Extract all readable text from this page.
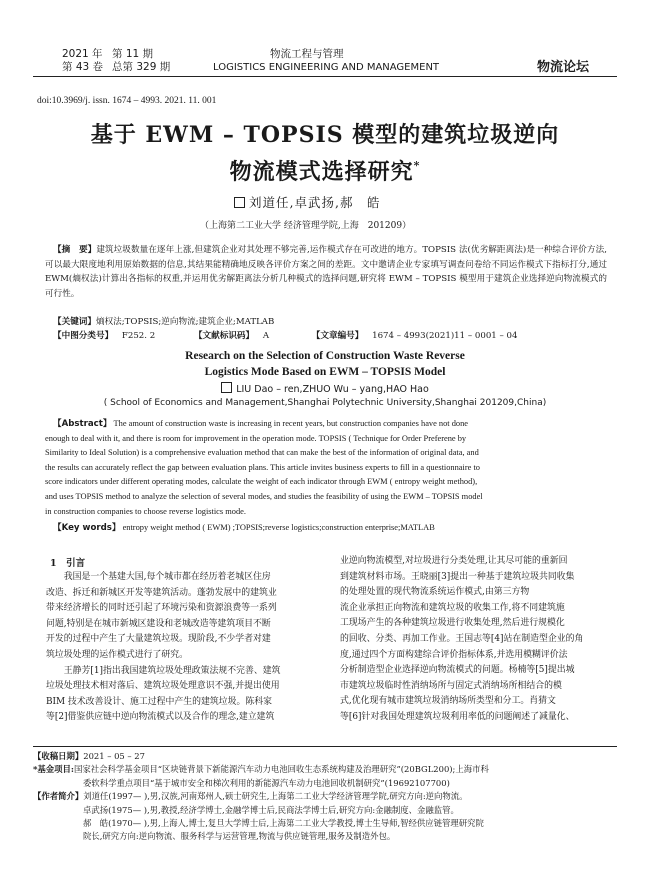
2021 年 第 11 期
第 43 卷 总第 329 期
物流工程与管理
LOGISTICS ENGINEERING AND MANAGEMENT	物流论坛
doi:10.3969/j. issn. 1674 – 4993. 2021. 11. 001
基于 EWM – TOPSIS 模型的建筑垃圾逆向
物流模式选择研究*
刘道任,卓武扬,郝　皓
（上海第二工业大学 经济管理学院,上海　201209）
【摘　要】建筑垃圾数量在逐年上涨,但建筑企业对其处理不够完善,运作模式存在可改进的地方。TOPSIS 法(优劣解距离法)是一种综合评价方法,可以最大限度地利用原始数据的信息,其结果能精确地反映各评价方案之间的差距。文中邀请企业专家填写调查问卷给不同运作模式下指标打分,通过 EWM(熵权法)计算出各指标的权重,并运用优劣解距离法分析几种模式的选择问题,研究将 EWM – TOPSIS 模型用于建筑企业选择逆向物流模式的可行性。
【关键词】熵权法;TOPSIS;逆向物流;建筑企业;MATLAB
【中图分类号】 F252. 2	【文献标识码】 A	【文章编号】 1674 – 4993(2021)11 – 0001 – 04
Research on the Selection of Construction Waste Reverse
Logistics Mode Based on EWM – TOPSIS Model
LIU Dao – ren,ZHUO Wu – yang,HAO Hao
( School of Economics and Management,Shanghai Polytechnic University,Shanghai 201209,China)

【Abstract】 The amount of construction waste is increasing in recent years, but construction companies have not done

enough to deal with it, and there is room for improvement in the operation mode. TOPSIS ( Technique for Order Preferene by

Similarity to Ideal Solution) is a comprehensive evaluation method that can make the best of the information of original data, and

the results can accurately reflect the gap between evaluation plans. This article invites business experts to fill in a questionnaire to

score indicators under different operating modes, calculate the weight of each indicator through EWM ( entropy weight method),

and uses TOPSIS method to analyze the selection of several modes, and studies the feasibility of using the EWM – TOPSIS model

in construction companies to choose reverse logistics mode.

【Key words】 entropy weight method ( EWM) ;TOPSIS;reverse logistics;construction enterprise;MATLAB
1　引言

　　我国是一个基建大国,每个城市都在经历着老城区住房

改造、拆迁和新城区开发等建筑活动。蓬勃发展中的建筑业

带来经济增长的同时还引起了环境污染和资源浪费等一系列

问题,特别是在城市新城区建设和老城改造等建筑项目不断

开发的过程中产生了大量建筑垃圾。现阶段,不少学者对建

筑垃圾处理的运作模式进行了研究。

　　王静芳[1]指出我国建筑垃圾处理政策法规不完善、建筑

垃圾处理技术相对落后、建筑垃圾处理意识不强,并提出使用

BIM 技术改善设计、施工过程中产生的建筑垃圾。陈科家

等[2]借鉴供应链中逆向物流模式以及合作的理念,建立建筑

业逆向物流模型,对垃圾进行分类处理,让其尽可能的重新回

到建筑材料市场。王晓丽[3]提出一种基于建筑垃圾共同收集

的处理处置的现代物流系统运作模式,由第三方物

流企业承担正向物流和建筑垃圾的收集工作,将不同建筑施

工现场产生的各种建筑垃圾进行收集处理,然后进行规模化

的回收、分类、再加工作业。王国志等[4]站在制造型企业的角

度,通过四个方面构建综合评价指标体系,并选用模糊评价法

分析制造型企业选择逆向物流模式的问题。杨楠等[5]提出城

市建筑垃圾临时性消纳场所与固定式消纳场所相结合的模

式,优化现有城市建筑垃圾消纳场所类型和分工。肖猜文

等[6]针对我国处理建筑垃圾利用率低的问题阐述了减量化、

【收稿日期】2021 – 05 – 27

*基金项目:国家社会科学基金项目“区块链背景下新能源汽车动力电池回收生态系统构建及治理研究”(20BGL200);上海市科

委软科学重点项目“基于城市安全和梯次利用的新能源汽车动力电池回收机制研究”(19692107700)

【作者简介】刘道任(1997— ),男,汉族,河南郑州人,硕士研究生,上海第二工业大学经济管理学院,研究方向:逆向物流。

卓武扬(1975— ),男,教授,经济学博士,金融学博士后,民商法学博士后,研究方向:金融制度、金融监管。

郝　皓(1970— ),男,上海人,博士,复旦大学博士后,上海第二工业大学教授,博士生导师,智经供应链管理研究院

院长,研究方向:逆向物流、服务科学与运营管理,物流与供应链管理,服务及制造外包。
